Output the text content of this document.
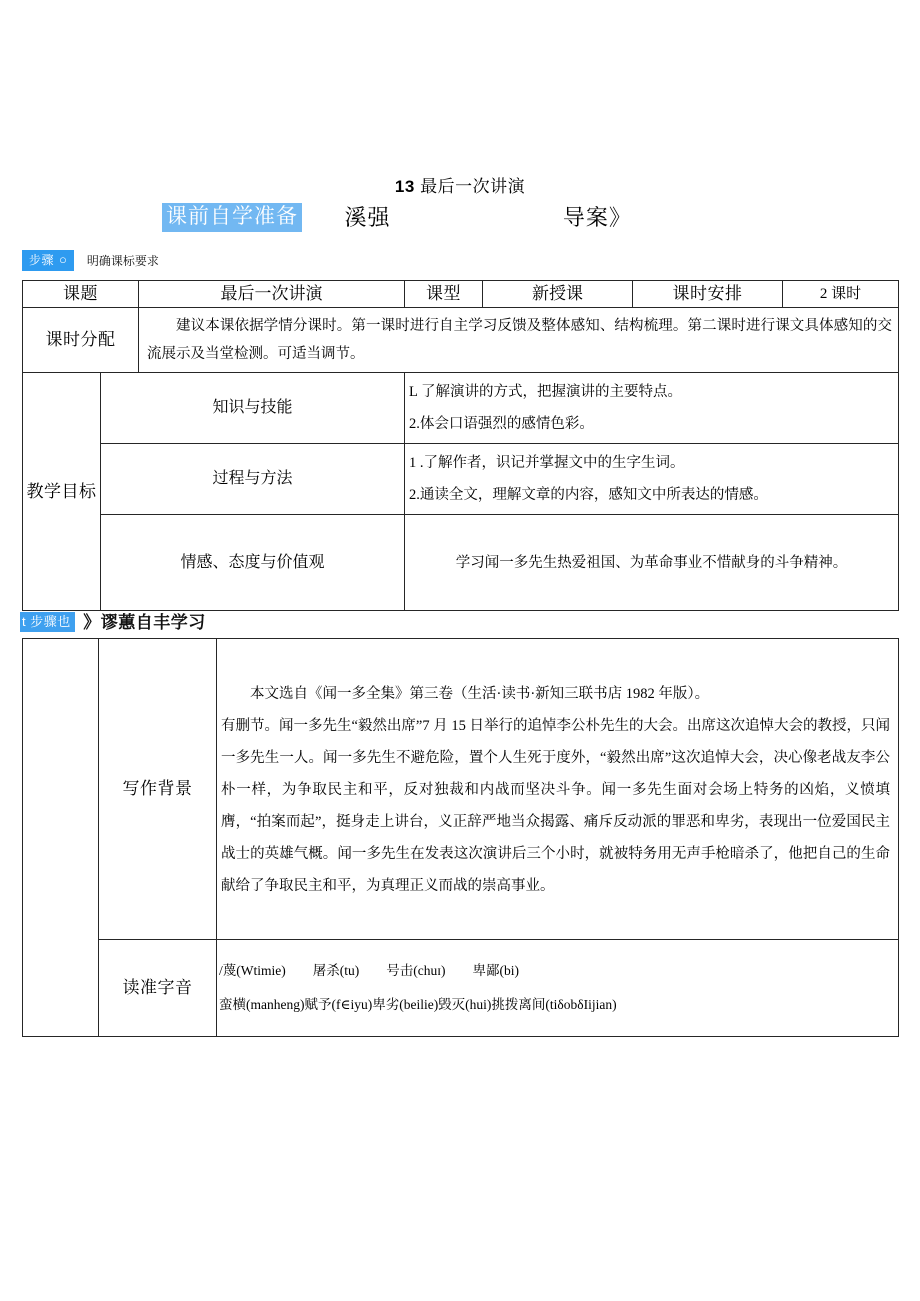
13 最后一次讲演
课前自学准备 溪强	导案》
步骤 ○ 明确课标要求
课题		最后一次讲演	课型	新授课	课时安排	2 课时
课时分配		建议本课依据学情分课时。第一课时进行自主学习反馈及整体感知、结构梳理。第二课时进行课文具体感知的交流展示及当堂检测。可适当调节。				

教学目标	知识与技能		L 了解演讲的方式，把握演讲的主要特点。

2.体会口语强烈的感情色彩。			

	过程与方法		1 .了解作者，识记并掌握文中的生字生词。

2.通读全文，理解文章的内容，感知文中所表达的情感。			

	情感、态度与价值观		学习闻一多先生热爱祖国、为革命事业不惜献身的斗争精神。			

t 步骤也 》谬蕙自丰学习
	写作背景	本文选自《闻一多全集》第三卷（生活·读书·新知三联书店 1982 年版）。

有删节。闻一多先生“毅然出席”7 月 15 日举行的追悼李公朴先生的大会。出席这次追悼大会的教授，只闻一多先生一人。闻一多先生不避危险，置个人生死于度外，“毅然出席”这次追悼大会，决心像老战友李公朴一样，为争取民主和平，反对独裁和内战而坚决斗争。闻一多先生面对会场上特务的凶焰，义愤填膺，“拍案而起”，挺身走上讲台，义正辞严地当众揭露、痛斥反动派的罪恶和卑劣，表现出一位爱国民主战士的英雄气概。闻一多先生在发表这次演讲后三个小时，就被特务用无声手枪暗杀了，他把自己的生命献给了争取民主和平，为真理正义而战的崇高事业。

	读准字音	/蔑(Wtimie)        屠杀(tu)        号击(chuɪ)        卑鄙(bi)

蛮横(manheng)赋予(f∈iyu)卑劣(beilie)毁灭(hui)挑拨离间(tiδobδIijian)
